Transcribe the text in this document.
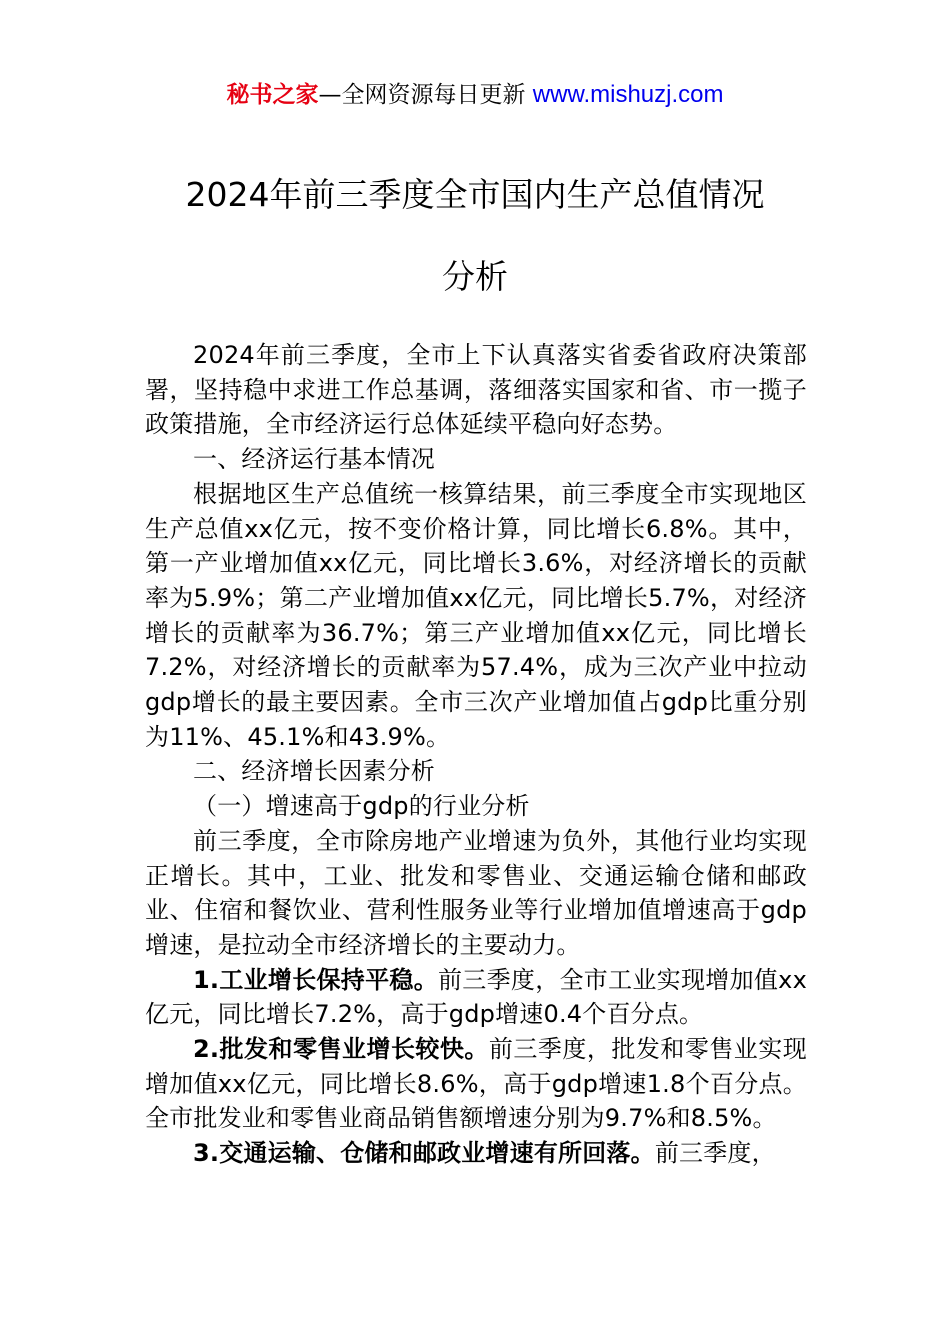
秘书之家—全网资源每日更新 www.mishuzj.com
2024年前三季度全市国内生产总值情况
分析

2024年前三季度，全市上下认真落实省委省政府决策部署，坚持稳中求进工作总基调，落细落实国家和省、市一揽子政策措施，全市经济运行总体延续平稳向好态势。

一、经济运行基本情况

根据地区生产总值统一核算结果，前三季度全市实现地区生产总值xx亿元，按不变价格计算，同比增长6.8%。其中，第一产业增加值xx亿元，同比增长3.6%，对经济增长的贡献率为5.9%；第二产业增加值xx亿元，同比增长5.7%，对经济增长的贡献率为36.7%；第三产业增加值xx亿元，同比增长7.2%，对经济增长的贡献率为57.4%，成为三次产业中拉动gdp增长的最主要因素。全市三次产业增加值占gdp比重分别为11%、45.1%和43.9%。

二、经济增长因素分析

（一）增速高于gdp的行业分析

前三季度，全市除房地产业增速为负外，其他行业均实现正增长。其中，工业、批发和零售业、交通运输仓储和邮政业、住宿和餐饮业、营利性服务业等行业增加值增速高于gdp增速，是拉动全市经济增长的主要动力。

1.工业增长保持平稳。前三季度，全市工业实现增加值xx亿元，同比增长7.2%，高于gdp增速0.4个百分点。

2.批发和零售业增长较快。前三季度，批发和零售业实现增加值xx亿元，同比增长8.6%，高于gdp增速1.8个百分点。全市批发业和零售业商品销售额增速分别为9.7%和8.5%。

3.交通运输、仓储和邮政业增速有所回落。前三季度，
